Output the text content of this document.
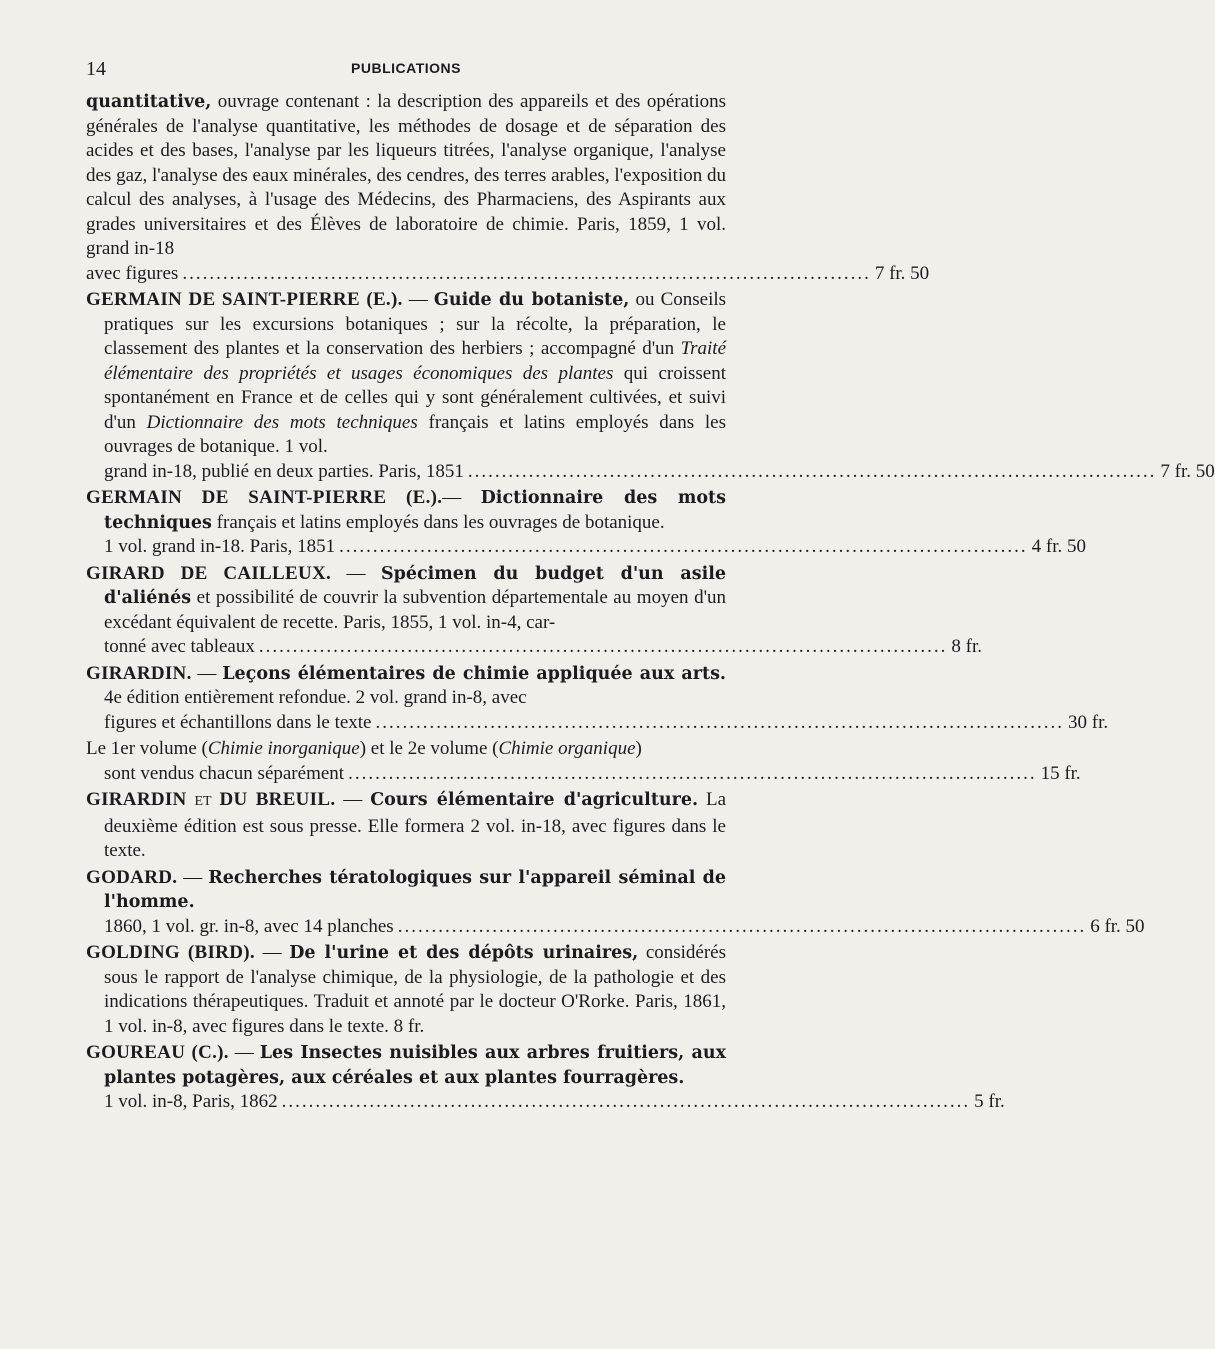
14	PUBLICATIONS
quantitative, ouvrage contenant : la description des appareils et des opérations générales de l'analyse quantitative, les méthodes de dosage et de séparation des acides et des bases, l'analyse par les liqueurs titrées, l'analyse organique, l'analyse des gaz, l'analyse des eaux minérales, des cendres, des terres arables, l'exposition du calcul des analyses, à l'usage des Médecins, des Pharmaciens, des Aspirants aux grades universitaires et des Élèves de laboratoire de chimie. Paris, 1859, 1 vol. grand in-18
avec figures ...................................................................................................... 7 fr. 50
GERMAIN DE SAINT-PIERRE (E.). — Guide du botaniste, ou Conseils pratiques sur les excursions botaniques ; sur la récolte, la préparation, le classement des plantes et la conservation des herbiers ; accompagné d'un Traité élémentaire des propriétés et usages économiques des plantes qui croissent spontanément en France et de celles qui y sont généralement cultivées, et suivi d'un Dictionnaire des mots techniques français et latins employés dans les ouvrages de botanique. 1 vol.
grand in-18, publié en deux parties. Paris, 1851 ...................................................................................................... 7 fr. 50
GERMAIN DE SAINT-PIERRE (E.).— Dictionnaire des mots techniques français et latins employés dans les ouvrages de botanique.
1 vol. grand in-18. Paris, 1851 ...................................................................................................... 4 fr. 50
GIRARD DE CAILLEUX. — Spécimen du budget d'un asile d'aliénés et possibilité de couvrir la subvention départementale au moyen d'un excédant équivalent de recette. Paris, 1855, 1 vol. in-4, car-
tonné avec tableaux ...................................................................................................... 8 fr.
GIRARDIN. — Leçons élémentaires de chimie appliquée aux arts. 4e édition entièrement refondue. 2 vol. grand in-8, avec
figures et échantillons dans le texte ...................................................................................................... 30 fr.
Le 1er volume (Chimie inorganique) et le 2e volume (Chimie organique)
sont vendus chacun séparément ...................................................................................................... 15 fr.
GIRARDIN ET DU BREUIL. — Cours élémentaire d'agriculture. La deuxième édition est sous presse. Elle formera 2 vol. in-18, avec figures dans le texte.
GODARD. — Recherches tératologiques sur l'appareil séminal de l'homme.
1860, 1 vol. gr. in-8, avec 14 planches ...................................................................................................... 6 fr. 50
GOLDING (BIRD). — De l'urine et des dépôts urinaires, considérés sous le rapport de l'analyse chimique, de la physiologie, de la pathologie et des indications thérapeutiques. Traduit et annoté par le docteur O'Rorke. Paris, 1861, 1 vol. in-8, avec figures dans le texte. 8 fr.
GOUREAU (C.). — Les Insectes nuisibles aux arbres fruitiers, aux plantes potagères, aux céréales et aux plantes fourragères.
1 vol. in-8, Paris, 1862 ...................................................................................................... 5 fr.
